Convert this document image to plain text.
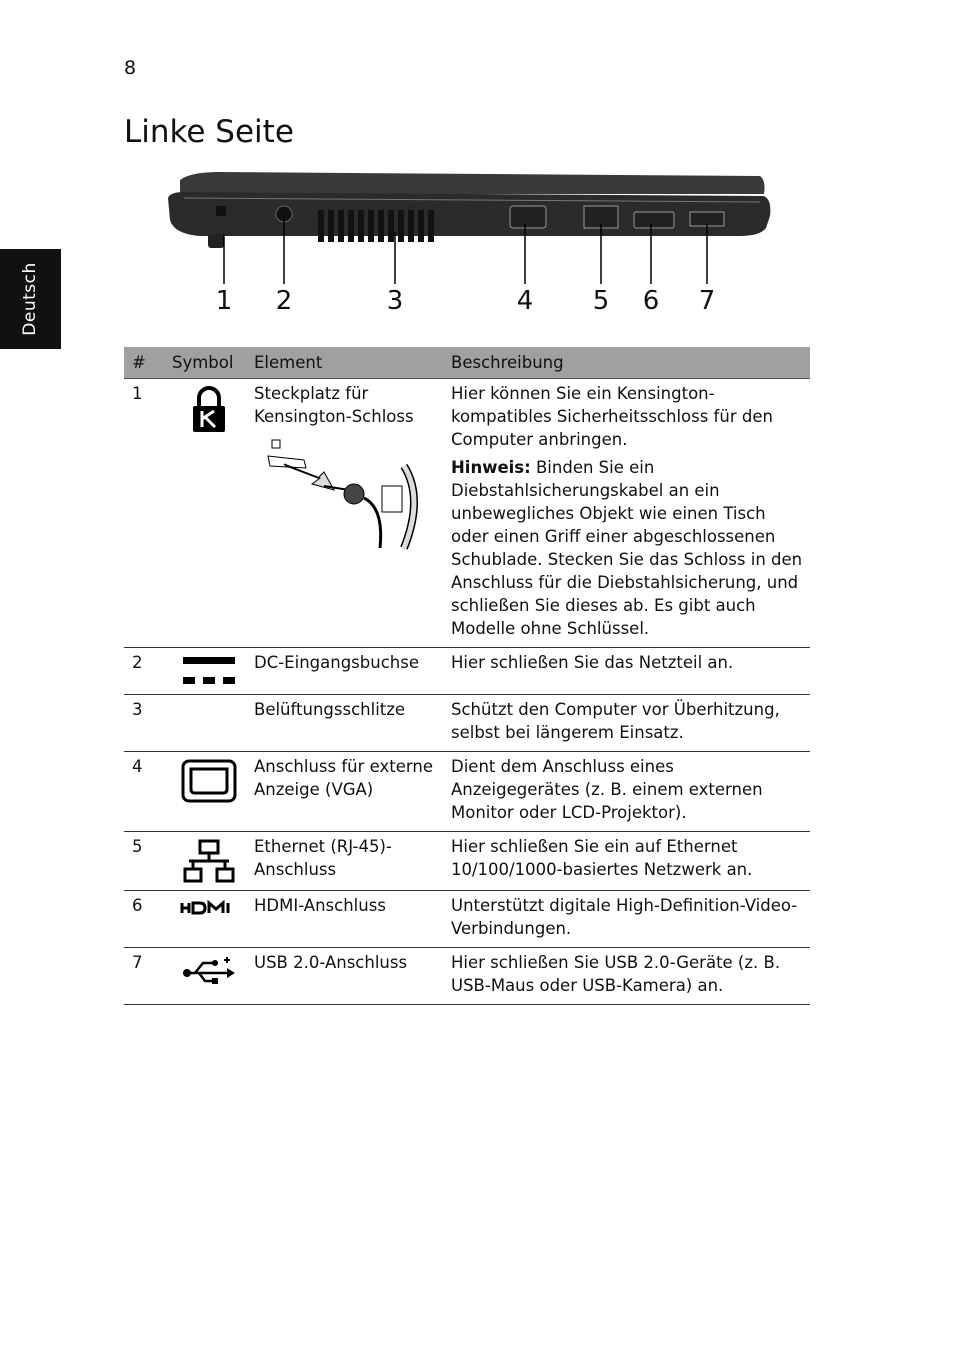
8
Linke Seite
Deutsch	1 2	3	4 5 6 7
#	Symbol	Element	Beschreibung
1		Steckplatz für Kensington-Schloss	Hier können Sie ein Kensington-kompatibles Sicherheitsschloss für den Computer anbringen.

Hinweis: Binden Sie ein Diebstahlsicherungskabel an ein unbewegliches Objekt wie einen Tisch oder einen Griff einer abgeschlossenen Schublade. Stecken Sie das Schloss in den Anschluss für die Diebstahlsicherung, und schließen Sie dieses ab. Es gibt auch Modelle ohne Schlüssel.

2		DC-Eingangsbuchse	Hier schließen Sie das Netzteil an.
3		Belüftungsschlitze	Schützt den Computer vor Überhitzung, selbst bei längerem Einsatz.
4		Anschluss für externe Anzeige (VGA)	Dient dem Anschluss eines Anzeigegerätes (z. B. einem externen Monitor oder LCD-Projektor).
5		Ethernet (RJ-45)-Anschluss	Hier schließen Sie ein auf Ethernet 10/100/1000-basiertes Netzwerk an.
6		HDMI-Anschluss	Unterstützt digitale High-Definition-Video-Verbindungen.
7		USB 2.0-Anschluss	Hier schließen Sie USB 2.0-Geräte (z. B. USB-Maus oder USB-Kamera) an.
